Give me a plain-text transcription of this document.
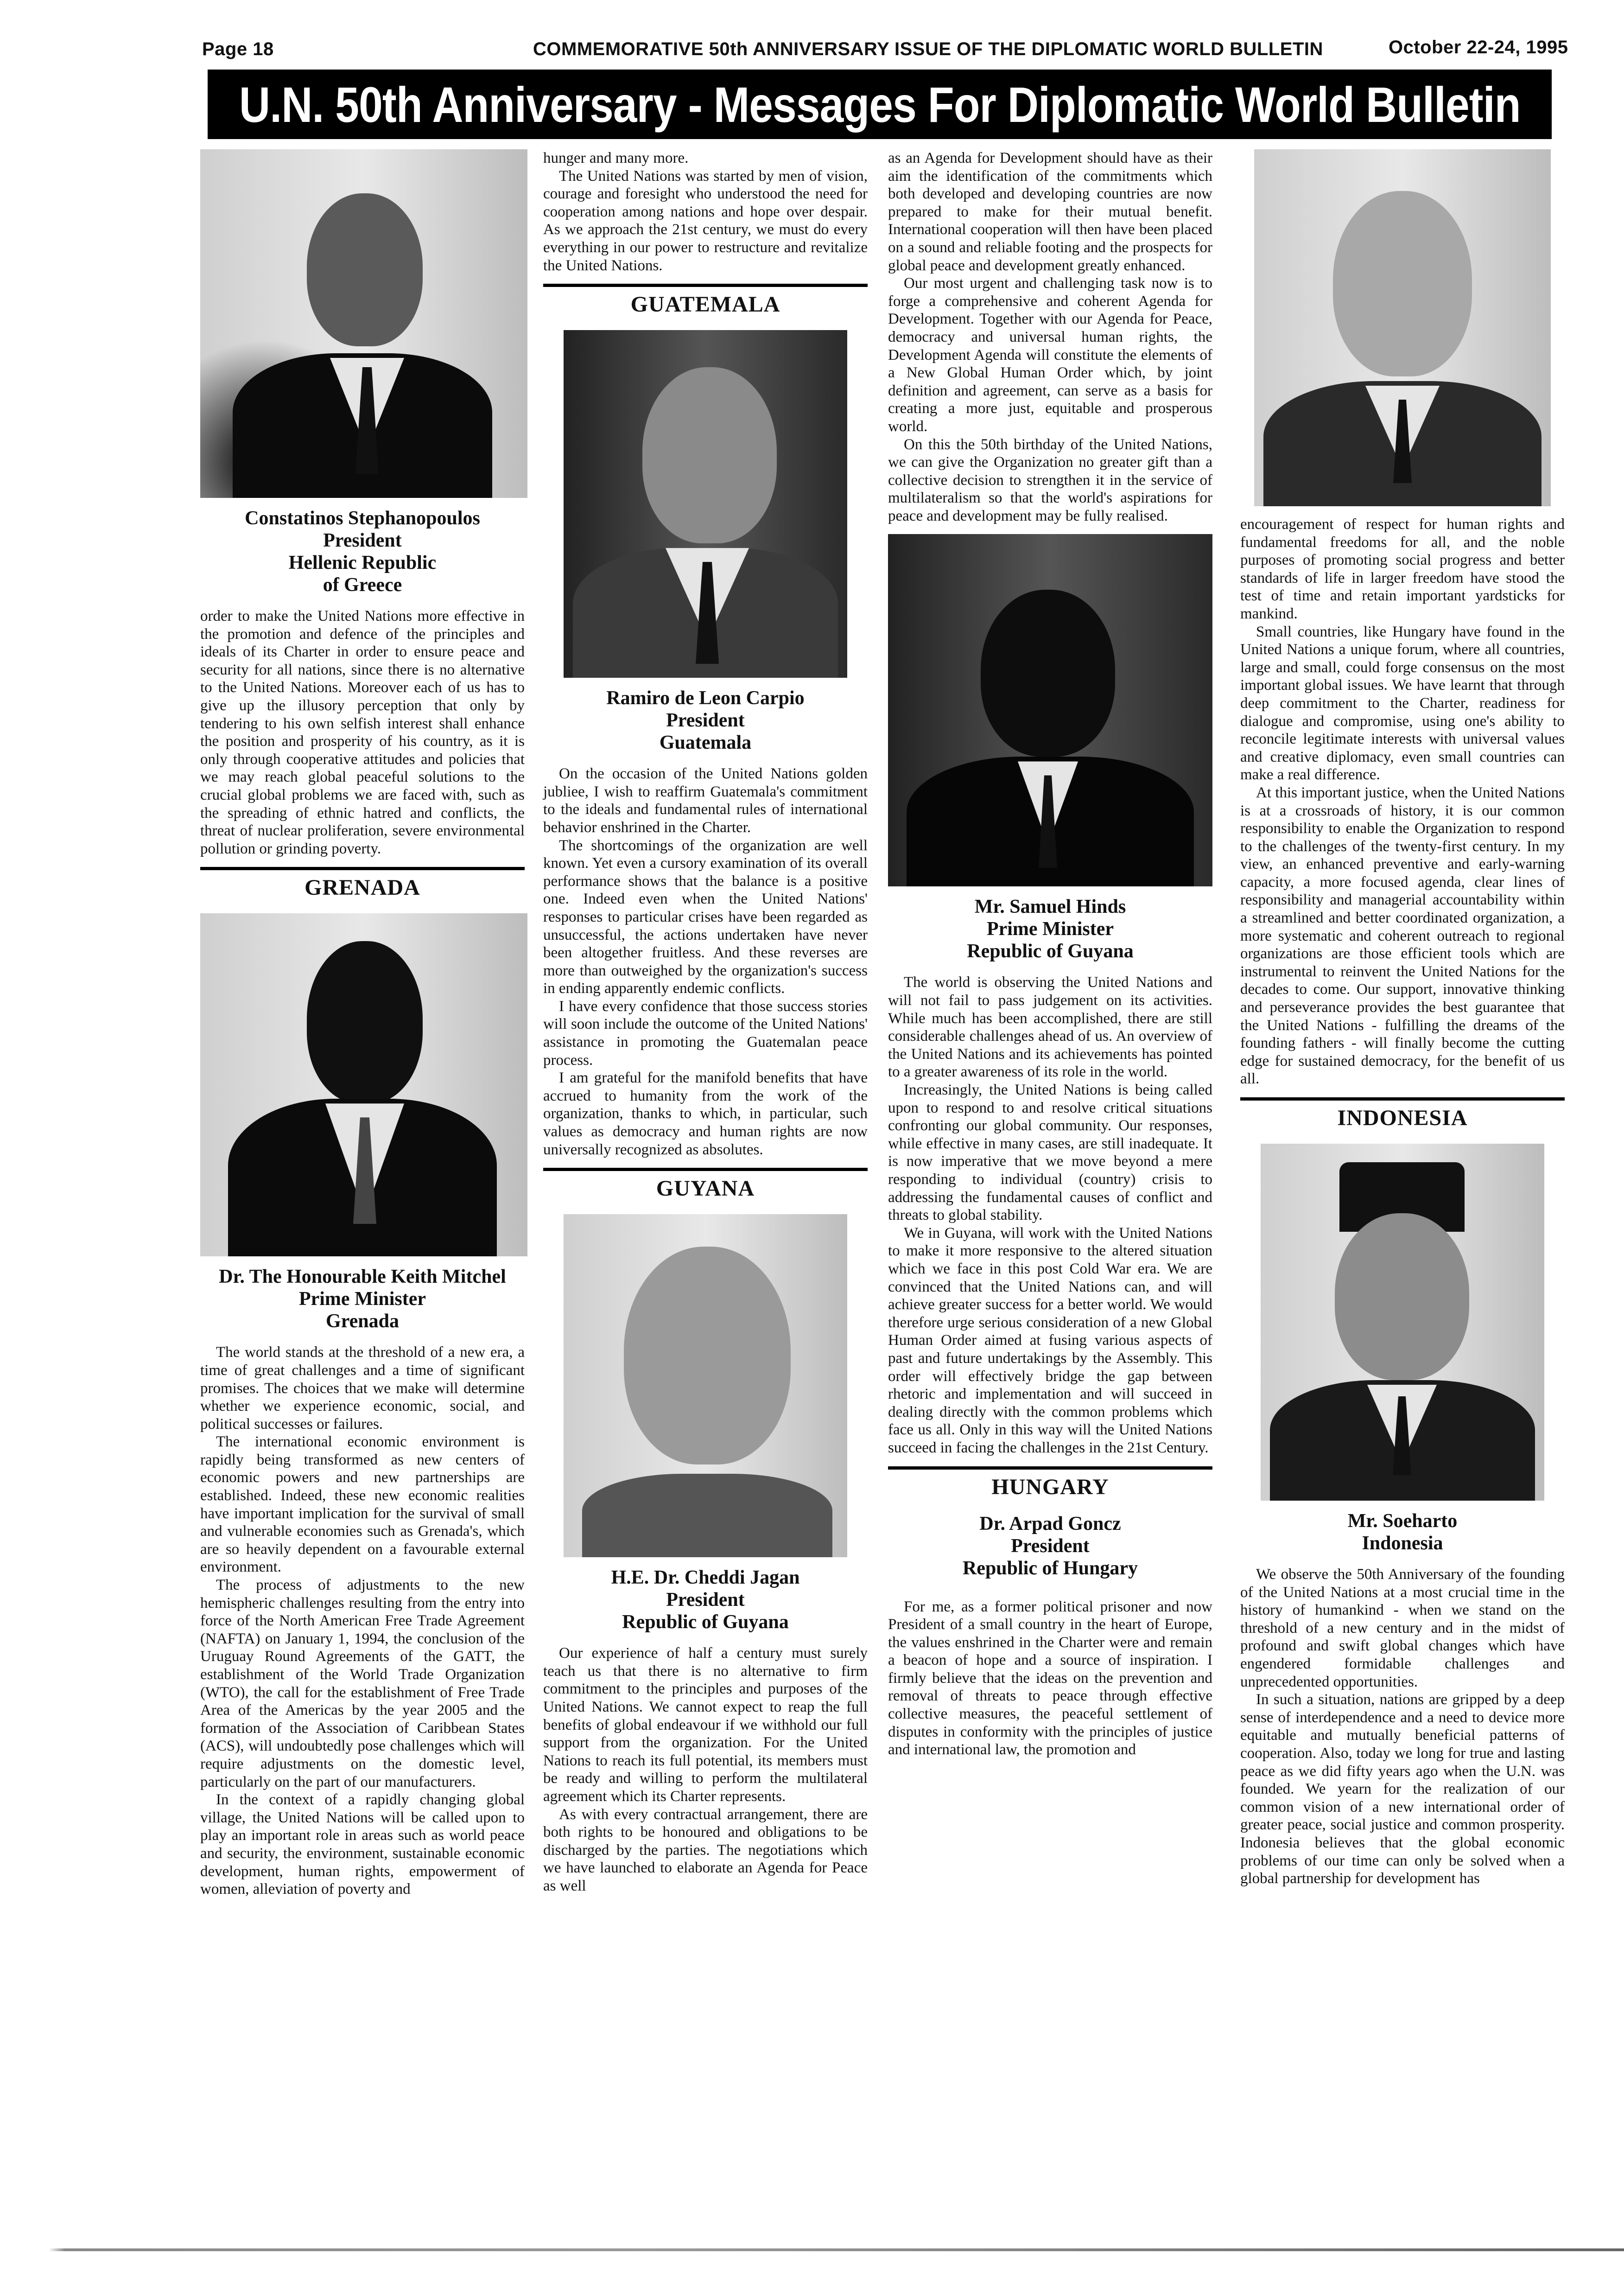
Page 18	COMMEMORATIVE 50th ANNIVERSARY ISSUE OF THE DIPLOMATIC WORLD BULLETIN	October 22-24, 1995
U.N. 50th Anniversary - Messages For Diplomatic World Bulletin
Constatinos Stephanopoulos
President
Hellenic Republic
of Greece

order to make the United Nations more effective in the promotion and defence of the principles and ideals of its Charter in order to ensure peace and security for all nations, since there is no alternative to the United Nations. Moreover each of us has to give up the illusory perception that only by tendering to his own selfish interest shall enhance the position and prosperity of his country, as it is only through cooperative attitudes and policies that we may reach global peaceful solutions to the crucial global problems we are faced with, such as the spreading of ethnic hatred and conflicts, the threat of nuclear proliferation, severe environmental pollution or grinding poverty.

GRENADA
Dr. The Honourable Keith Mitchel
Prime Minister
Grenada

The world stands at the threshold of a new era, a time of great challenges and a time of significant promises. The choices that we make will determine whether we experience economic, social, and political successes or failures.

The international economic environment is rapidly being transformed as new centers of economic powers and new partnerships are established. Indeed, these new economic realities have important implication for the survival of small and vulnerable economies such as Grenada's, which are so heavily dependent on a favourable external environment.

The process of adjustments to the new hemispheric challenges resulting from the entry into force of the North American Free Trade Agreement (NAFTA) on January 1, 1994, the conclusion of the Uruguay Round Agreements of the GATT, the establishment of the World Trade Organization (WTO), the call for the establishment of Free Trade Area of the Americas by the year 2005 and the formation of the Association of Caribbean States (ACS), will undoubtedly pose challenges which will require adjustments on the domestic level, particularly on the part of our manufacturers.

In the context of a rapidly changing global village, the United Nations will be called upon to play an important role in areas such as world peace and security, the environment, sustainable economic development, human rights, empowerment of women, alleviation of poverty and

hunger and many more.

The United Nations was started by men of vision, courage and foresight who understood the need for cooperation among nations and hope over despair. As we approach the 21st century, we must do every everything in our power to restructure and revitalize the United Nations.

GUATEMALA
Ramiro de Leon Carpio
President
Guatemala

On the occasion of the United Nations golden jubliee, I wish to reaffirm Guatemala's commitment to the ideals and fundamental rules of international behavior enshrined in the Charter.

The shortcomings of the organization are well known. Yet even a cursory examination of its overall performance shows that the balance is a positive one. Indeed even when the United Nations' responses to particular crises have been regarded as unsuccessful, the actions undertaken have never been altogether fruitless. And these reverses are more than outweighed by the organization's success in ending apparently endemic conflicts.

I have every confidence that those success stories will soon include the outcome of the United Nations' assistance in promoting the Guatemalan peace process.

I am grateful for the manifold benefits that have accrued to humanity from the work of the organization, thanks to which, in particular, such values as democracy and human rights are now universally recognized as absolutes.

GUYANA
H.E. Dr. Cheddi Jagan
President
Republic of Guyana

Our experience of half a century must surely teach us that there is no alternative to firm commitment to the principles and purposes of the United Nations. We cannot expect to reap the full benefits of global endeavour if we withhold our full support from the organization. For the United Nations to reach its full potential, its members must be ready and willing to perform the multilateral agreement which its Charter represents.

As with every contractual arrangement, there are both rights to be honoured and obligations to be discharged by the parties. The negotiations which we have launched to elaborate an Agenda for Peace as well

as an Agenda for Development should have as their aim the identification of the commitments which both developed and developing countries are now prepared to make for their mutual benefit. International cooperation will then have been placed on a sound and reliable footing and the prospects for global peace and development greatly enhanced.

Our most urgent and challenging task now is to forge a comprehensive and coherent Agenda for Development. Together with our Agenda for Peace, democracy and universal human rights, the Development Agenda will constitute the elements of a New Global Human Order which, by joint definition and agreement, can serve as a basis for creating a more just, equitable and prosperous world.

On this the 50th birthday of the United Nations, we can give the Organization no greater gift than a collective decision to strengthen it in the service of multilateralism so that the world's aspirations for peace and development may be fully realised.

Mr. Samuel Hinds
Prime Minister
Republic of Guyana

The world is observing the United Nations and will not fail to pass judgement on its activities. While much has been accomplished, there are still considerable challenges ahead of us. An overview of the United Nations and its achievements has pointed to a greater awareness of its role in the world.

Increasingly, the United Nations is being called upon to respond to and resolve critical situations confronting our global community. Our responses, while effective in many cases, are still inadequate. It is now imperative that we move beyond a mere responding to individual (country) crisis to addressing the fundamental causes of conflict and threats to global stability.

We in Guyana, will work with the United Nations to make it more responsive to the altered situation which we face in this post Cold War era. We are convinced that the United Nations can, and will achieve greater success for a better world. We would therefore urge serious consideration of a new Global Human Order aimed at fusing various aspects of past and future undertakings by the Assembly. This order will effectively bridge the gap between rhetoric and implementation and will succeed in dealing directly with the common problems which face us all. Only in this way will the United Nations succeed in facing the challenges in the 21st Century.

HUNGARY
Dr. Arpad Goncz
President
Republic of Hungary

For me, as a former political prisoner and now President of a small country in the heart of Europe, the values enshrined in the Charter were and remain a beacon of hope and a source of inspiration. I firmly believe that the ideas on the prevention and removal of threats to peace through effective collective measures, the peaceful settlement of disputes in conformity with the principles of justice and international law, the promotion and

encouragement of respect for human rights and fundamental freedoms for all, and the noble purposes of promoting social progress and better standards of life in larger freedom have stood the test of time and retain important yardsticks for mankind.

Small countries, like Hungary have found in the United Nations a unique forum, where all countries, large and small, could forge consensus on the most important global issues. We have learnt that through deep commitment to the Charter, readiness for dialogue and compromise, using one's ability to reconcile legitimate interests with universal values and creative diplomacy, even small countries can make a real difference.

At this important justice, when the United Nations is at a crossroads of history, it is our common responsibility to enable the Organization to respond to the challenges of the twenty-first century. In my view, an enhanced preventive and early-warning capacity, a more focused agenda, clear lines of responsibility and managerial accountability within a streamlined and better coordinated organization, a more systematic and coherent outreach to regional organizations are those efficient tools which are instrumental to reinvent the United Nations for the decades to come. Our support, innovative thinking and perseverance provides the best guarantee that the United Nations - fulfilling the dreams of the founding fathers - will finally become the cutting edge for sustained democracy, for the benefit of us all.

INDONESIA
Mr. Soeharto
Indonesia

We observe the 50th Anniversary of the founding of the United Nations at a most crucial time in the history of humankind - when we stand on the threshold of a new century and in the midst of profound and swift global changes which have engendered formidable challenges and unprecedented opportunities.

In such a situation, nations are gripped by a deep sense of interdependence and a need to device more equitable and mutually beneficial patterns of cooperation. Also, today we long for true and lasting peace as we did fifty years ago when the U.N. was founded. We yearn for the realization of our common vision of a new international order of greater peace, social justice and common prosperity. Indonesia believes that the global economic problems of our time can only be solved when a global partnership for development has
